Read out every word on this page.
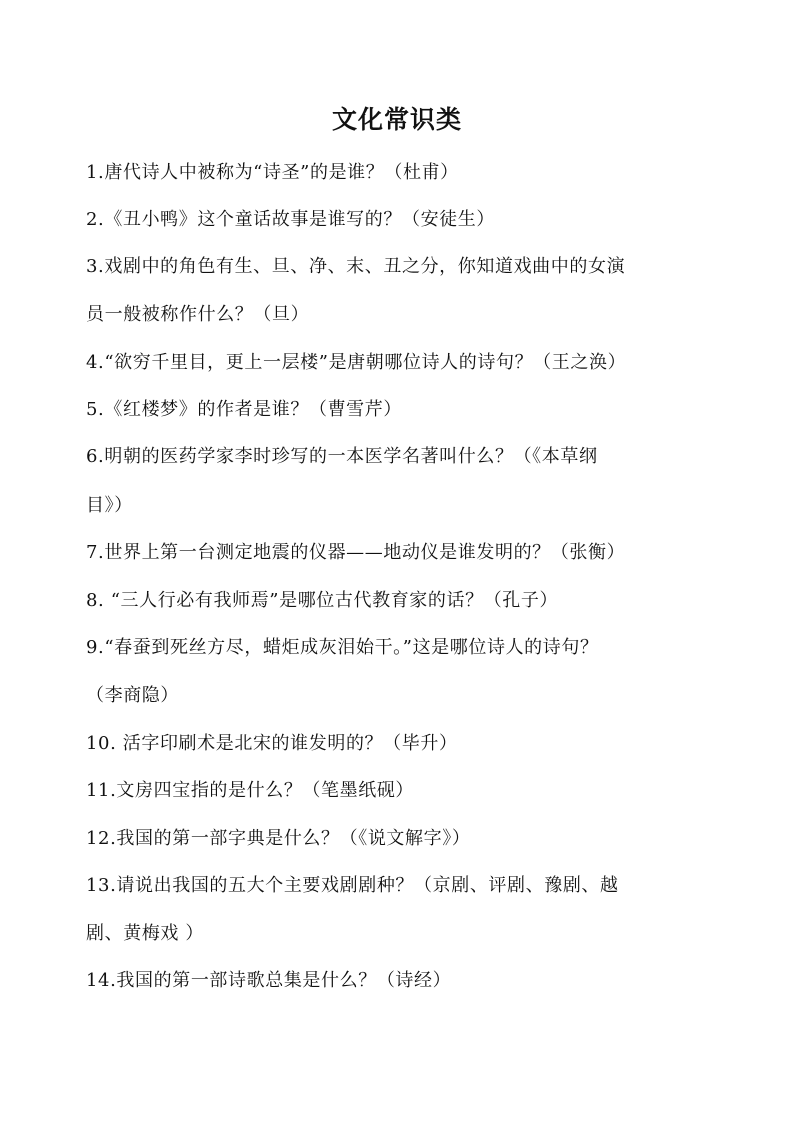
文化常识类
1.唐代诗人中被称为“诗圣”的是谁？（杜甫）
2.《丑小鸭》这个童话故事是谁写的？（安徒生）
3.戏剧中的角色有生、旦、净、末、丑之分，你知道戏曲中的女演
员一般被称作什么？（旦）
4.“欲穷千里目，更上一层楼”是唐朝哪位诗人的诗句？（王之涣）
5.《红楼梦》的作者是谁？（曹雪芹）
6.明朝的医药学家李时珍写的一本医学名著叫什么？（《本草纲
目》）
7.世界上第一台测定地震的仪器——地动仪是谁发明的？（张衡）
8. “三人行必有我师焉”是哪位古代教育家的话？（孔子）
9.“春蚕到死丝方尽，蜡炬成灰泪始干。”这是哪位诗人的诗句？
（李商隐）
10. 活字印刷术是北宋的谁发明的？（毕升）
11.文房四宝指的是什么？（笔墨纸砚）
12.我国的第一部字典是什么？（《说文解字》）
13.请说出我国的五大个主要戏剧剧种？（京剧、评剧、豫剧、越
剧、黄梅戏 ）
14.我国的第一部诗歌总集是什么？（诗经）
